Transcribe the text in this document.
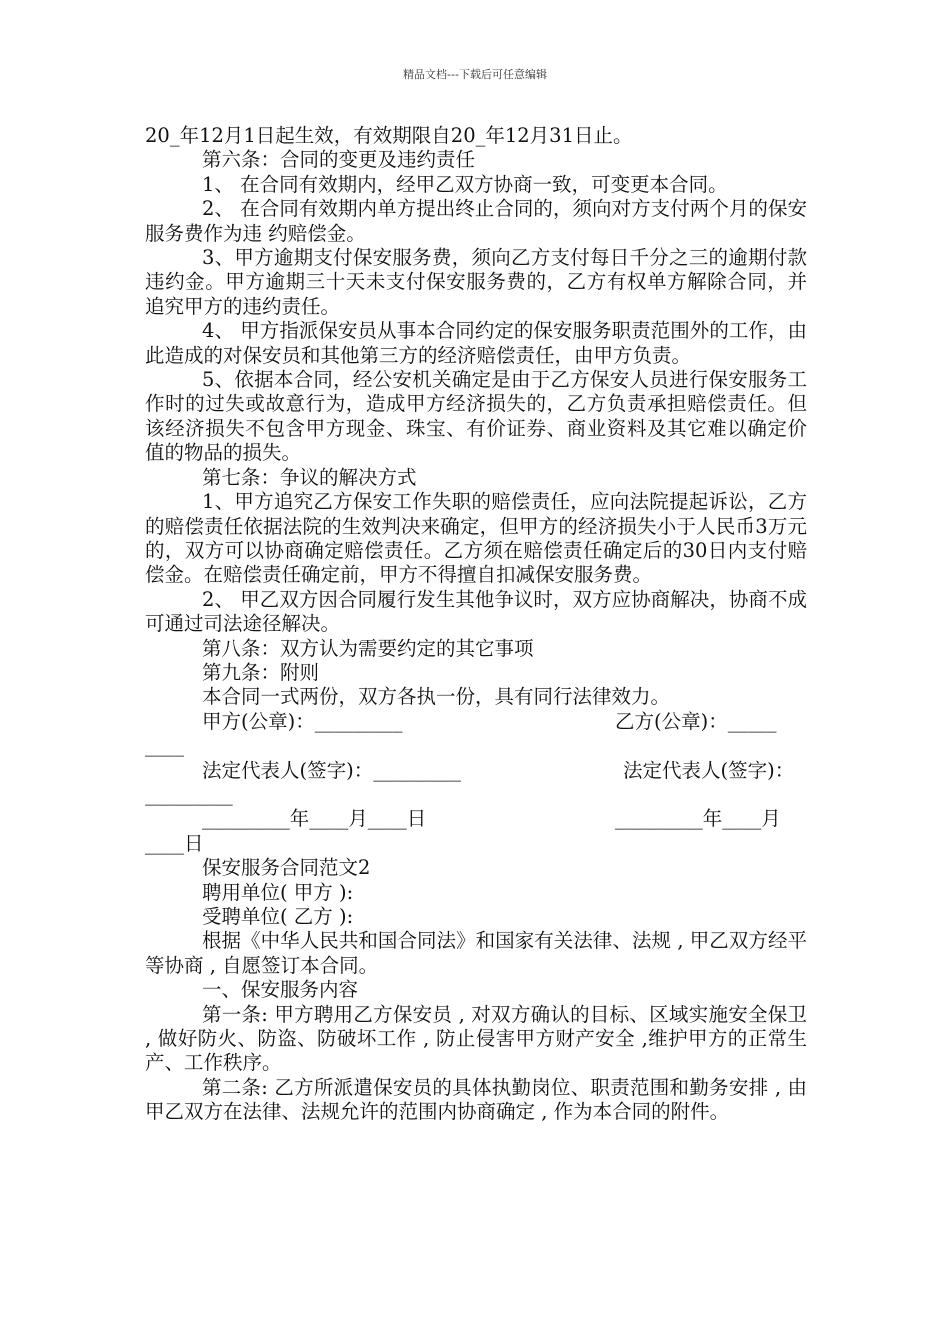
精品文档---下载后可任意编辑

20_年12月1日起生效，有效期限自20_年12月31日止。

第六条：合同的变更及违约责任

1、 在合同有效期内，经甲乙双方协商一致，可变更本合同。

2、 在合同有效期内单方提出终止合同的，须向对方支付两个月的保安服务费作为违 约赔偿金。

3、甲方逾期支付保安服务费，须向乙方支付每日千分之三的逾期付款违约金。甲方逾期三十天未支付保安服务费的，乙方有权单方解除合同，并追究甲方的违约责任。

4、 甲方指派保安员从事本合同约定的保安服务职责范围外的工作，由此造成的对保安员和其他第三方的经济赔偿责任，由甲方负责。

5、依据本合同，经公安机关确定是由于乙方保安人员进行保安服务工作时的过失或故意行为，造成甲方经济损失的，乙方负责承担赔偿责任。但该经济损失不包含甲方现金、珠宝、有价证券、商业资料及其它难以确定价值的物品的损失。

第七条：争议的解决方式

1、甲方追究乙方保安工作失职的赔偿责任，应向法院提起诉讼，乙方的赔偿责任依据法院的生效判决来确定，但甲方的经济损失小于人民币3万元的，双方可以协商确定赔偿责任。乙方须在赔偿责任确定后的30日内支付赔偿金。在赔偿责任确定前，甲方不得擅自扣减保安服务费。

2、 甲乙双方因合同履行发生其他争议时，双方应协商解决，协商不成可通过司法途径解决。

第八条：双方认为需要约定的其它事项

第九条：附则

本合同一式两份，双方各执一份，具有同行法律效力。

甲方(公章)：_________	乙方(公章)：_____
____
法定代表人(签字)：_________	法定代表人(签字)：
_________
_________年____月____日	_________年____月
____日

保安服务合同范文2

聘用单位( 甲方 ):

受聘单位( 乙方 ):

根据《中华人民共和国合同法》和国家有关法律、法规 , 甲乙双方经平等协商 , 自愿签订本合同。

一、保安服务内容

第一条: 甲方聘用乙方保安员 , 对双方确认的目标、区域实施安全保卫 , 做好防火、防盗、防破坏工作 , 防止侵害甲方财产安全 ,维护甲方的正常生产、工作秩序。

第二条: 乙方所派遣保安员的具体执勤岗位、职责范围和勤务安排 , 由甲乙双方在法律、法规允许的范围内协商确定 , 作为本合同的附件。
